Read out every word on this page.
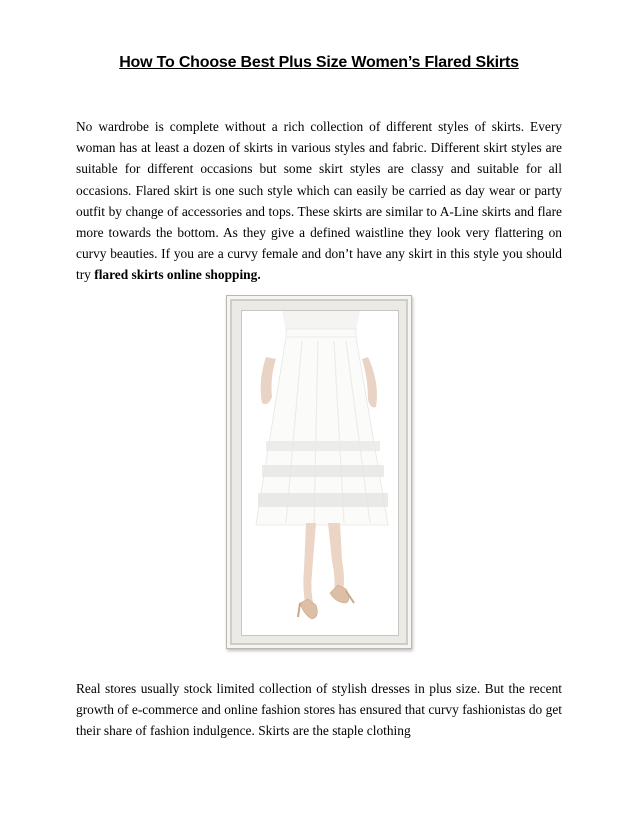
How To Choose Best Plus Size Women’s Flared Skirts

No wardrobe is complete without a rich collection of different styles of skirts. Every woman has at least a dozen of skirts in various styles and fabric. Different skirt styles are suitable for different occasions but some skirt styles are classy and suitable for all occasions. Flared skirt is one such style which can easily be carried as day wear or party outfit by change of accessories and tops. These skirts are similar to A-Line skirts and flare more towards the bottom. As they give a defined waistline they look very flattering on curvy beauties. If you are a curvy female and don’t have any skirt in this style you should try flared skirts online shopping.

Real stores usually stock limited collection of stylish dresses in plus size. But the recent growth of e-commerce and online fashion stores has ensured that curvy fashionistas do get their share of fashion indulgence. Skirts are the staple clothing
